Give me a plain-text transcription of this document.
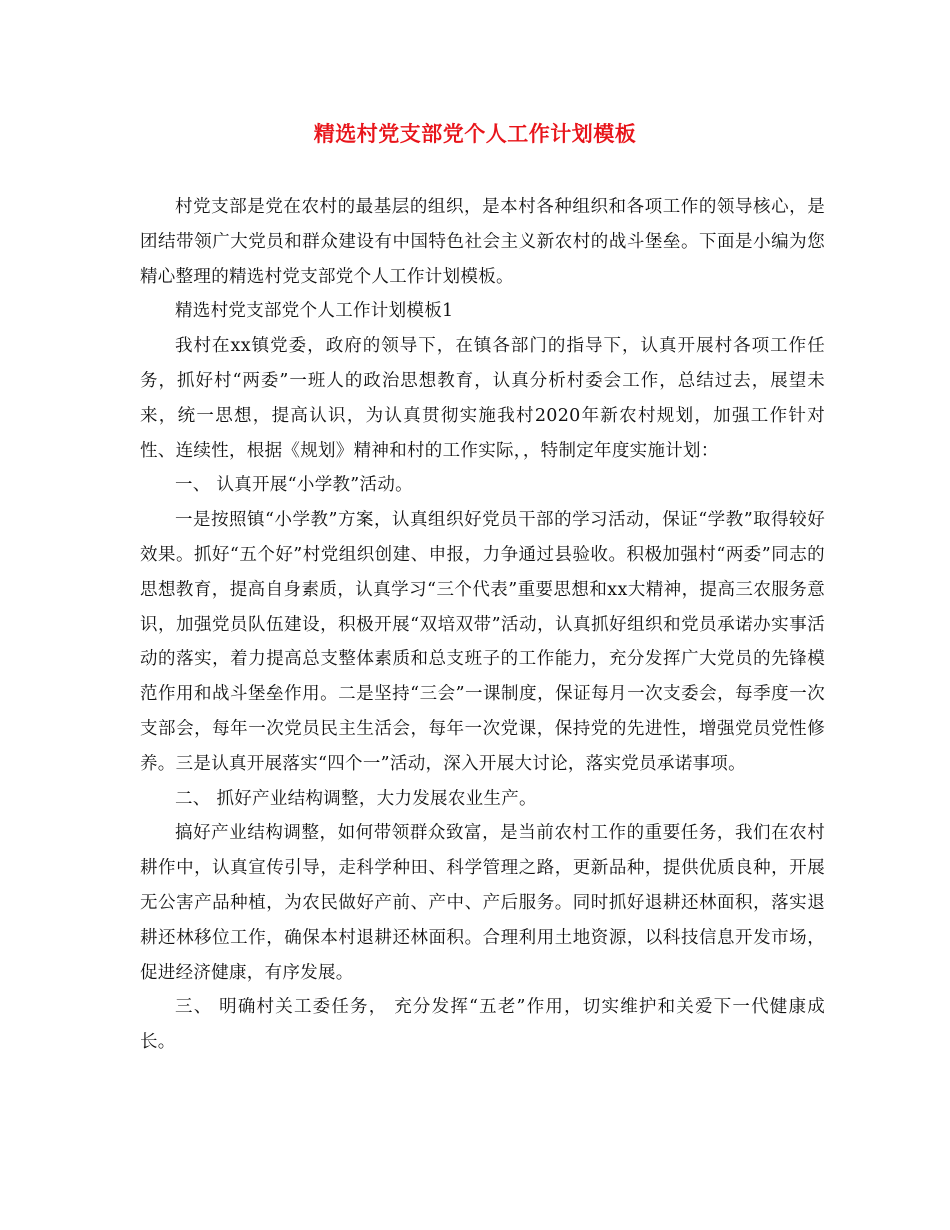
精选村党支部党个人工作计划模板

村党支部是党在农村的最基层的组织，是本村各种组织和各项工作的领导核心，是团结带领广大党员和群众建设有中国特色社会主义新农村的战斗堡垒。下面是小编为您精心整理的精选村党支部党个人工作计划模板。

精选村党支部党个人工作计划模板1

我村在xx镇党委，政府的领导下，在镇各部门的指导下，认真开展村各项工作任务，抓好村“两委”一班人的政治思想教育，认真分析村委会工作，总结过去，展望未来，统一思想，提高认识，为认真贯彻实施我村2020年新农村规划，加强工作针对性、连续性，根据《规划》精神和村的工作实际，，特制定年度实施计划：

一、 认真开展“小学教”活动。

一是按照镇“小学教”方案，认真组织好党员干部的学习活动，保证“学教”取得较好效果。抓好“五个好”村党组织创建、申报，力争通过县验收。积极加强村“两委”同志的思想教育，提高自身素质，认真学习“三个代表”重要思想和xx大精神，提高三农服务意识，加强党员队伍建设，积极开展“双培双带”活动，认真抓好组织和党员承诺办实事活动的落实，着力提高总支整体素质和总支班子的工作能力，充分发挥广大党员的先锋模范作用和战斗堡垒作用。二是坚持“三会”一课制度，保证每月一次支委会，每季度一次支部会，每年一次党员民主生活会，每年一次党课，保持党的先进性，增强党员党性修养。三是认真开展落实“四个一”活动，深入开展大讨论，落实党员承诺事项。

二、 抓好产业结构调整，大力发展农业生产。

搞好产业结构调整，如何带领群众致富，是当前农村工作的重要任务，我们在农村耕作中，认真宣传引导，走科学种田、科学管理之路，更新品种，提供优质良种，开展无公害产品种植，为农民做好产前、产中、产后服务。同时抓好退耕还林面积，落实退耕还林移位工作，确保本村退耕还林面积。合理利用土地资源，以科技信息开发市场，促进经济健康，有序发展。

三、 明确村关工委任务， 充分发挥“五老”作用，切实维护和关爱下一代健康成长。
